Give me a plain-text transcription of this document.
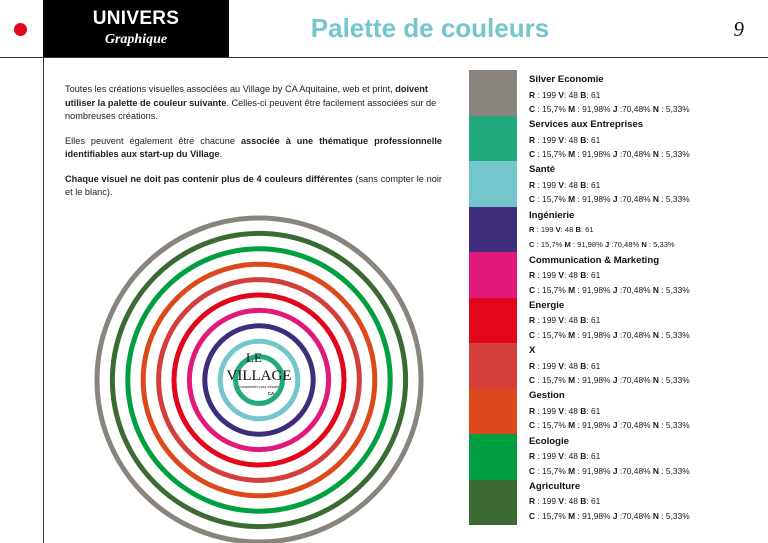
UNIVERS
Graphique	Palette de couleurs	9

Toutes les créations visuelles associées au Village by CA Aquitaine, web et print, doivent utiliser la palette de couleur suivante. Celles-ci peuvent être facilement associées sur de nombreuses créations.

Elles peuvent également être chacune associée à une thématique professionnelle identifiables aux start-up du Village.

Chaque visuel ne doit pas contenir plus de 4 couleurs différentes (sans compter le noir et le blanc).

LE
VILLAGE
Comprendre pour innover
CA
Silver Economie
R : 199 V: 48 B: 61
C : 15,7% M : 91,98% J :70,48% N : 5,33%
Services aux Entreprises
R : 199 V: 48 B: 61
C : 15,7% M : 91,98% J :70,48% N : 5,33%
Santé
R : 199 V: 48 B: 61
C : 15,7% M : 91,98% J :70,48% N : 5,33%
Ingénierie
R : 199 V: 48 B: 61
C : 15,7% M : 91,98% J :70,48% N : 5,33%
Communication & Marketing
R : 199 V: 48 B: 61
C : 15,7% M : 91,98% J :70,48% N : 5,33%
Energie
R : 199 V: 48 B: 61
C : 15,7% M : 91,98% J :70,48% N : 5,33%
X
R : 199 V: 48 B: 61
C : 15,7% M : 91,98% J :70,48% N : 5,33%
Gestion
R : 199 V: 48 B: 61
C : 15,7% M : 91,98% J :70,48% N : 5,33%
Ecologie
R : 199 V: 48 B: 61
C : 15,7% M : 91,98% J :70,48% N : 5,33%
Agriculture
R : 199 V: 48 B: 61
C : 15,7% M : 91,98% J :70,48% N : 5,33%
